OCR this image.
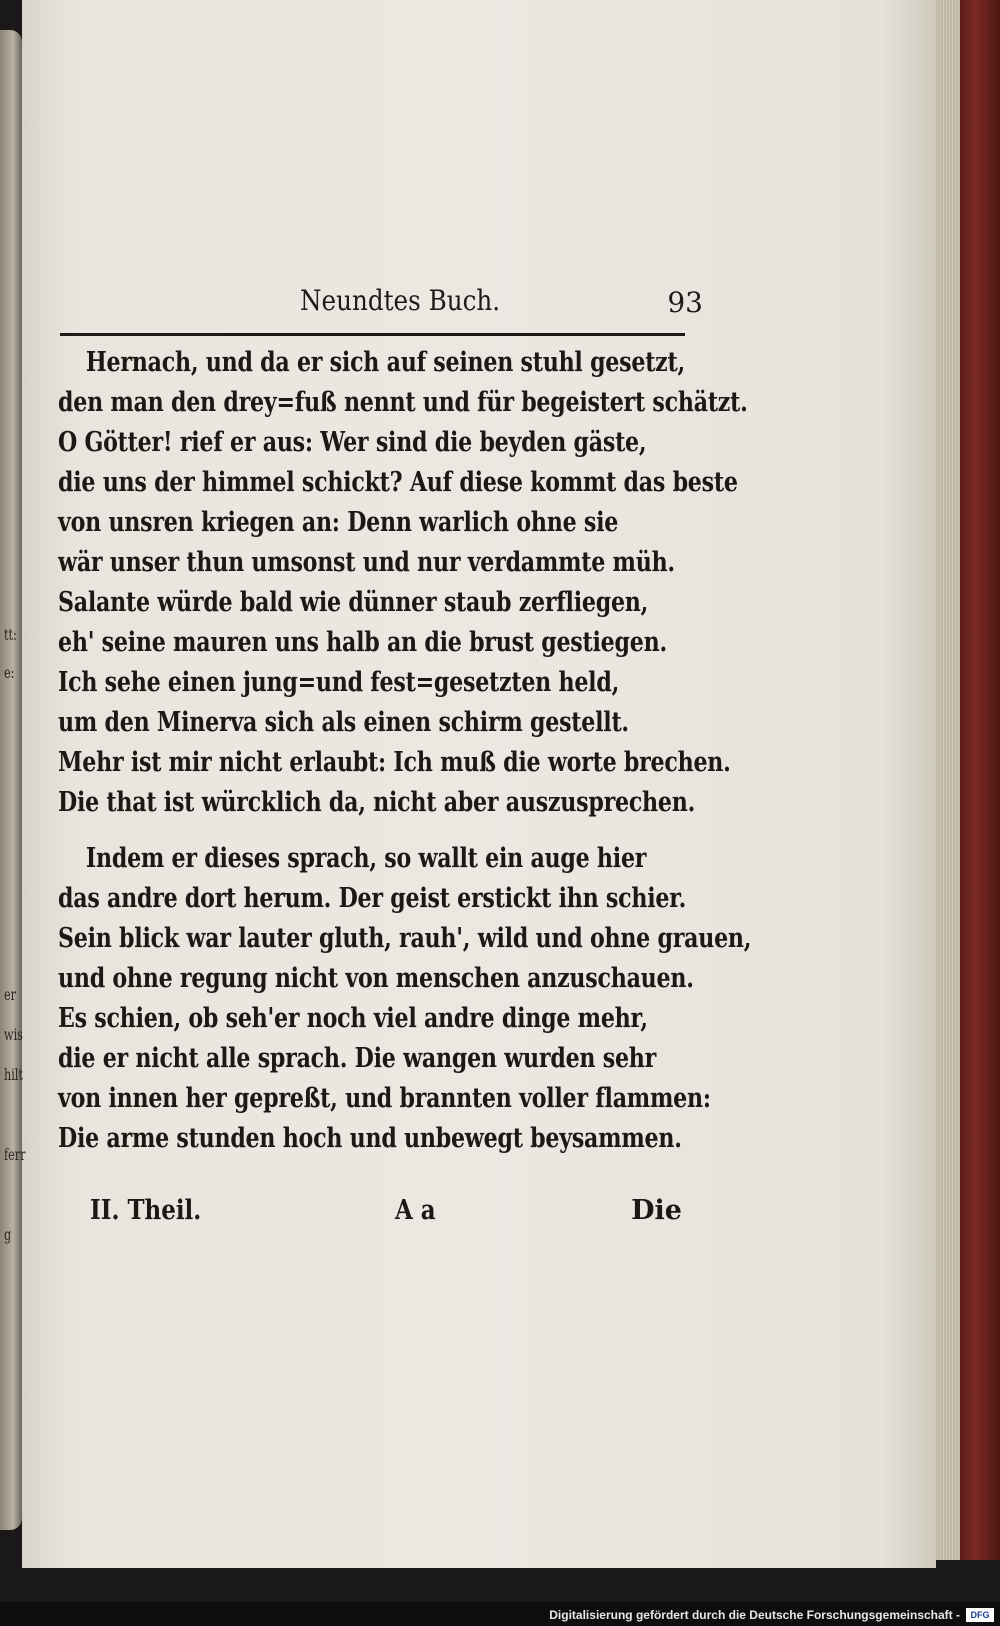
Neundtes Buch.	93
Hernach, und da er sich auf seinen stuhl gesetzt,
den man den drey=fuß nennt und für begeistert schätzt.
O Götter! rief er aus: Wer sind die beyden gäste,
die uns der himmel schickt? Auf diese kommt das beste
von unsren kriegen an: Denn warlich ohne sie
wär unser thun umsonst und nur verdammte müh.
Salante würde bald wie dünner staub zerfliegen,
eh' seine mauren uns halb an die brust gestiegen.
Ich sehe einen jung=und fest=gesetzten held,
um den Minerva sich als einen schirm gestellt.
Mehr ist mir nicht erlaubt: Ich muß die worte brechen.
Die that ist würcklich da, nicht aber auszusprechen.
Indem er dieses sprach, so wallt ein auge hier
das andre dort herum. Der geist erstickt ihn schier.
Sein blick war lauter gluth, rauh', wild und ohne grauen,
und ohne regung nicht von menschen anzuschauen.
Es schien, ob seh'er noch viel andre dinge mehr,
die er nicht alle sprach. Die wangen wurden sehr
von innen her gepreßt, und brannten voller flammen:
Die arme stunden hoch und unbewegt beysammen.
II. Theil.	A a	Die
tt:
e:
er
wis
hilt
ferr
g
Digitalisierung gefördert durch die Deutsche Forschungsgemeinschaft -	DFG
